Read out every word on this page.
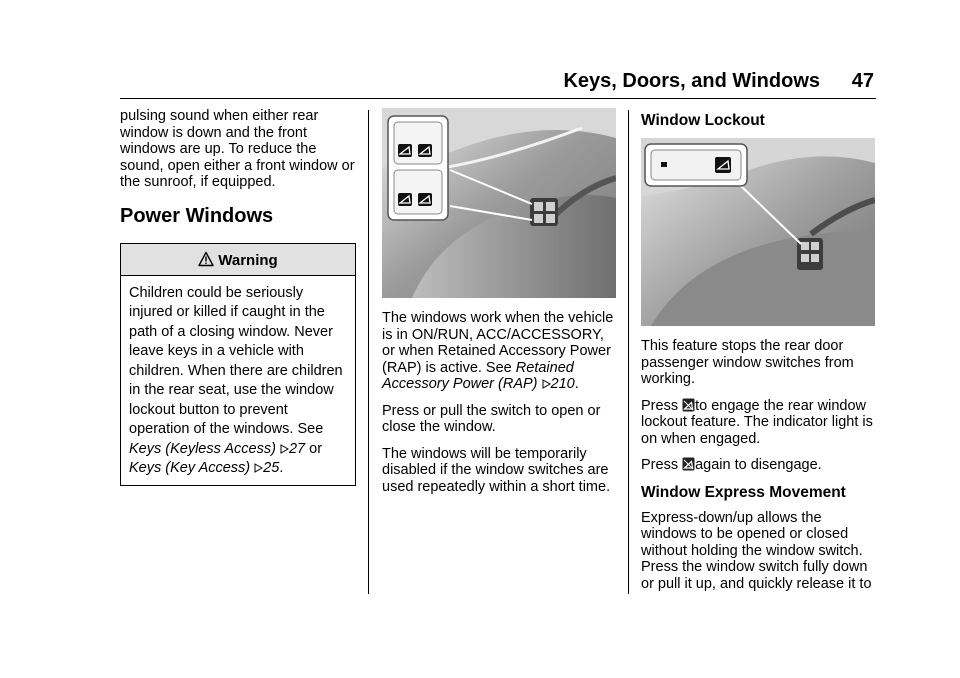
Keys, Doors, and Windows 47

pulsing sound when either rear window is down and the front windows are up. To reduce the sound, open either a front window or the sunroof, if equipped.

Power Windows
Warning
Children could be seriously injured or killed if caught in the path of a closing window. Never leave keys in a vehicle with children. When there are children in the rear seat, use the window lockout button to prevent operation of the windows. See Keys (Keyless Access) 27 or Keys (Key Access) 25.

The windows work when the vehicle is in ON/RUN, ACC/ACCESSORY, or when Retained Accessory Power (RAP) is active. See Retained Accessory Power (RAP) 210.

Press or pull the switch to open or close the window.

The windows will be temporarily disabled if the window switches are used repeatedly within a short time.

Window Lockout

This feature stops the rear door passenger window switches from working.

Press to engage the rear window lockout feature. The indicator light is on when engaged.

Press again to disengage.

Window Express Movement

Express-down/up allows the windows to be opened or closed without holding the window switch. Press the window switch fully down or pull it up, and quickly release it to
